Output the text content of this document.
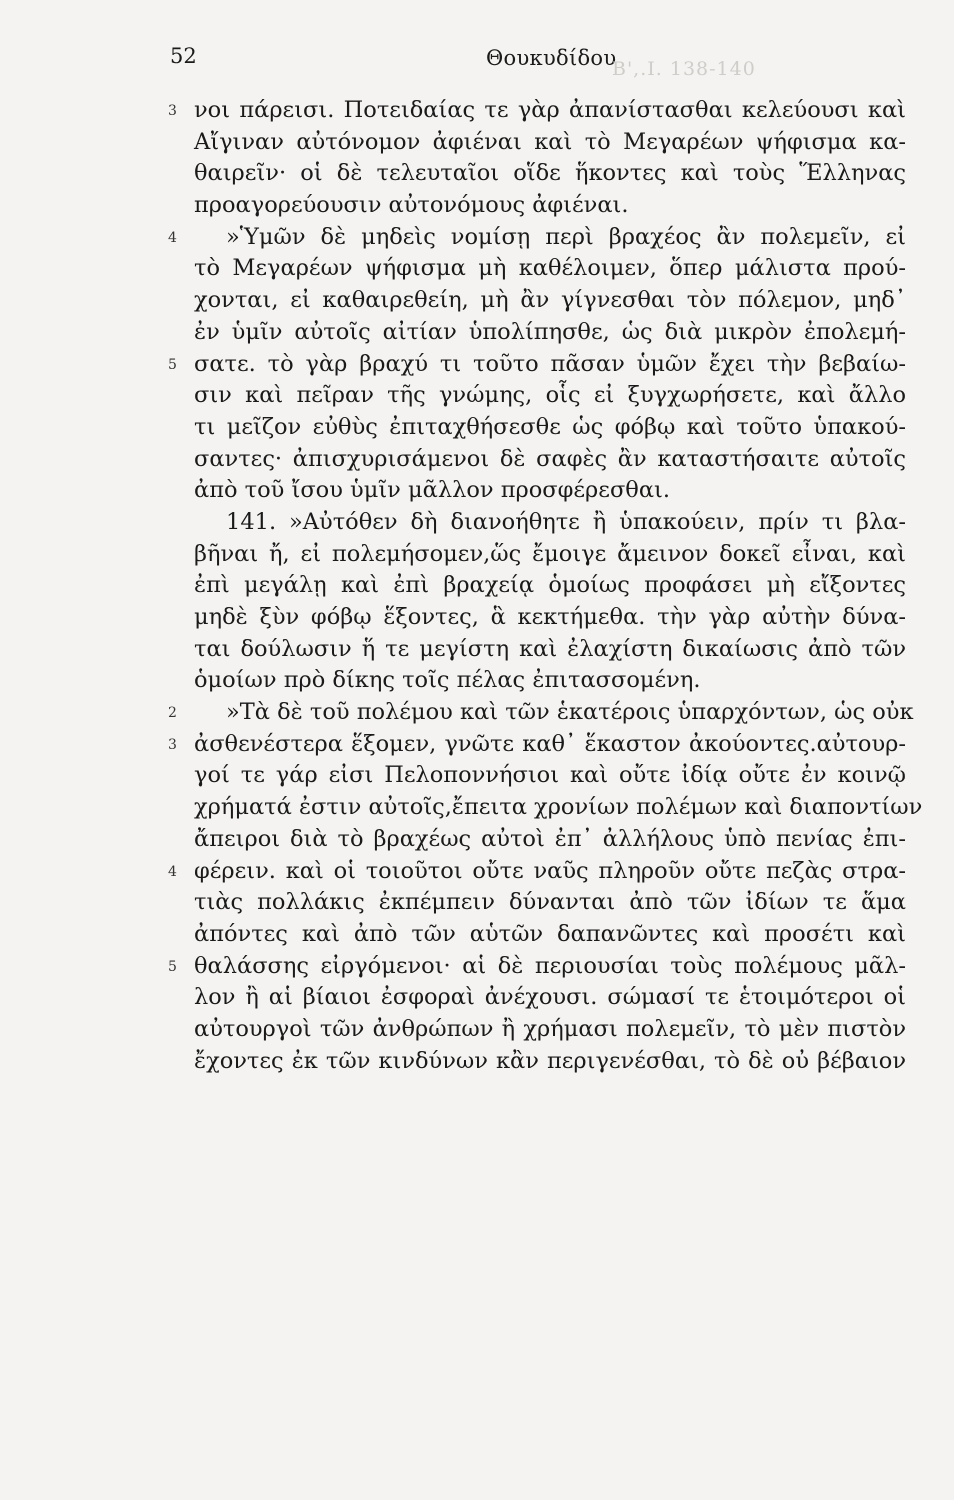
52	Θουκυδίδου
Β',.Ι. 138-140
3 νοι πάρεισι. Ποτειδαίας τε γὰρ ἀπανίστασθαι κελεύουσι καὶ
Αἴγιναν αὐτόνομον ἀφιέναι καὶ τὸ Μεγαρέων ψήφισμα κα-
θαιρεῖν· οἱ δὲ τελευταῖοι οἵδε ἥκοντες καὶ τοὺς Ἕλληνας
προαγορεύουσιν αὐτονόμους ἀφιέναι.
4 »Ὑμῶν δὲ μηδεὶς νομίσῃ περὶ βραχέος ἂν πολεμεῖν, εἰ
τὸ Μεγαρέων ψήφισμα μὴ καθέλοιμεν, ὅπερ μάλιστα πρού-
χονται, εἰ καθαιρεθείη, μὴ ἂν γίγνεσθαι τὸν πόλεμον, μηδ᾽
ἐν ὑμῖν αὐτοῖς αἰτίαν ὑπολίπησθε, ὡς διὰ μικρὸν ἐπολεμή-
5 σατε. τὸ γὰρ βραχύ τι τοῦτο πᾶσαν ὑμῶν ἔχει τὴν βεβαίω-
σιν καὶ πεῖραν τῆς γνώμης, οἷς εἰ ξυγχωρήσετε, καὶ ἄλλο
τι μεῖζον εὐθὺς ἐπιταχθήσεσθε ὡς φόβῳ καὶ τοῦτο ὑπακού-
σαντες· ἀπισχυρισάμενοι δὲ σαφὲς ἂν καταστήσαιτε αὐτοῖς
ἀπὸ τοῦ ἴσου ὑμῖν μᾶλλον προσφέρεσθαι.
141. »Αὐτόθεν δὴ διανοήθητε ἢ ὑπακούειν, πρίν τι βλα-
βῆναι ἤ, εἰ πολεμήσομεν,ὥς ἔμοιγε ἄμεινον δοκεῖ εἶναι, καὶ
ἐπὶ μεγάλῃ καὶ ἐπὶ βραχείᾳ ὁμοίως προφάσει μὴ εἴξοντες
μηδὲ ξὺν φόβῳ ἕξοντες, ἃ κεκτήμεθα. τὴν γὰρ αὐτὴν δύνα-
ται δούλωσιν ἥ τε μεγίστη καὶ ἐλαχίστη δικαίωσις ἀπὸ τῶν
ὁμοίων πρὸ δίκης τοῖς πέλας ἐπιτασσομένη.
2 »Τὰ δὲ τοῦ πολέμου καὶ τῶν ἑκατέροις ὑπαρχόντων, ὡς οὐκ
3 ἀσθενέστερα ἕξομεν, γνῶτε καθ᾽ ἕκαστον ἀκούοντες.αὐτουρ-
γοί τε γάρ εἰσι Πελοποννήσιοι καὶ οὔτε ἰδίᾳ οὔτε ἐν κοινῷ
χρήματά ἐστιν αὐτοῖς,ἔπειτα χρονίων πολέμων καὶ διαποντίων
ἄπειροι διὰ τὸ βραχέως αὐτοὶ ἐπ᾽ ἀλλήλους ὑπὸ πενίας ἐπι-
4 φέρειν. καὶ οἱ τοιοῦτοι οὔτε ναῦς πληροῦν οὔτε πεζὰς στρα-
τιὰς πολλάκις ἐκπέμπειν δύνανται ἀπὸ τῶν ἰδίων τε ἅμα
ἀπόντες καὶ ἀπὸ τῶν αὑτῶν δαπανῶντες καὶ προσέτι καὶ
5 θαλάσσης εἰργόμενοι· αἱ δὲ περιουσίαι τοὺς πολέμους μᾶλ-
λον ἢ αἱ βίαιοι ἐσφοραὶ ἀνέχουσι. σώμασί τε ἑτοιμότεροι οἱ
αὐτουργοὶ τῶν ἀνθρώπων ἢ χρήμασι πολεμεῖν, τὸ μὲν πιστὸν
ἔχοντες ἐκ τῶν κινδύνων κἂν περιγενέσθαι, τὸ δὲ οὐ βέβαιον
